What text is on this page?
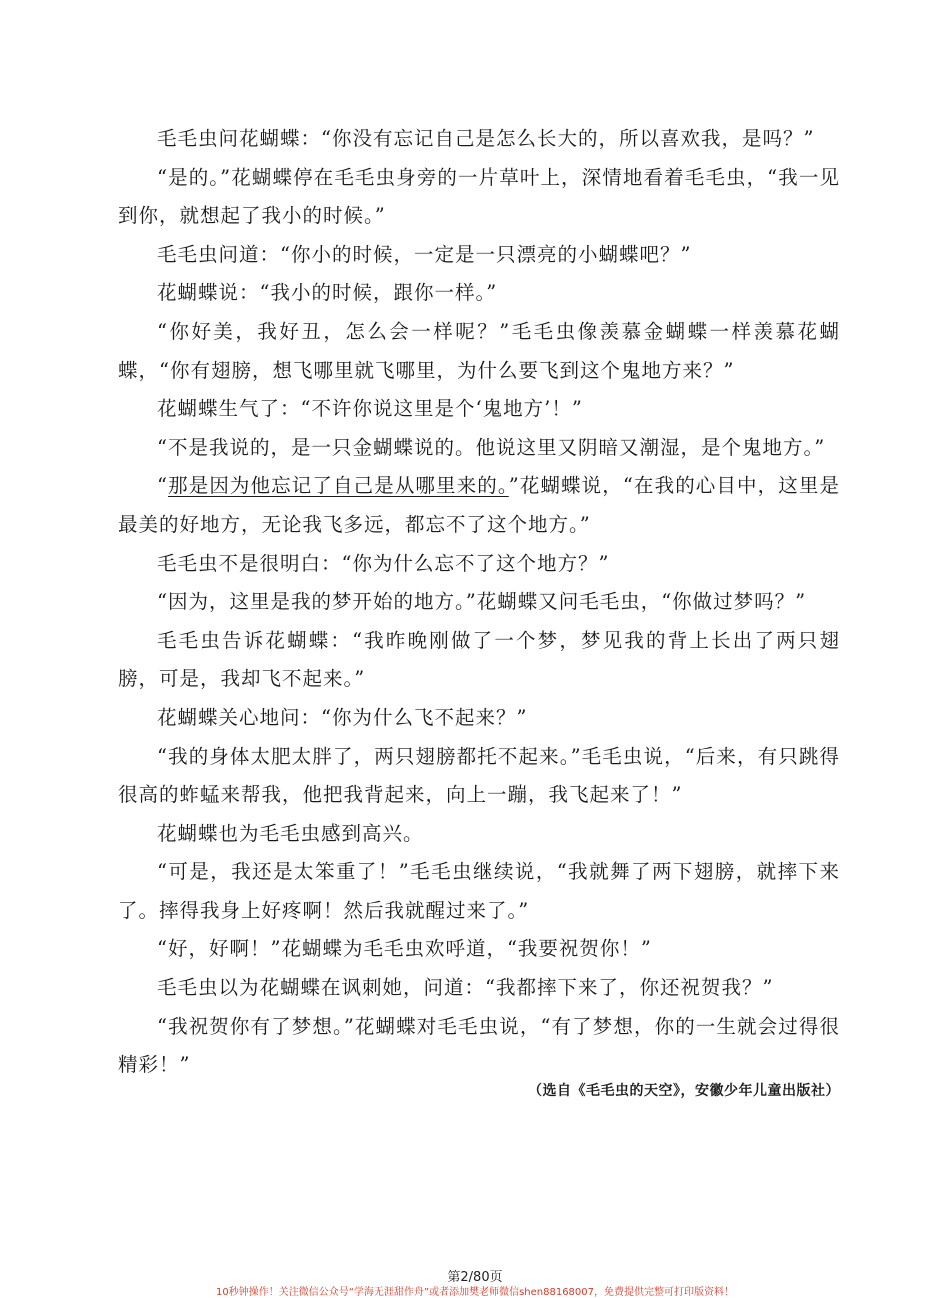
毛毛虫问花蝴蝶：“你没有忘记自己是怎么长大的，所以喜欢我，是吗？”

“是的。”花蝴蝶停在毛毛虫身旁的一片草叶上，深情地看着毛毛虫，“我一见到你，就想起了我小的时候。”

毛毛虫问道：“你小的时候，一定是一只漂亮的小蝴蝶吧？”

花蝴蝶说：“我小的时候，跟你一样。”

“你好美，我好丑，怎么会一样呢？”毛毛虫像羡慕金蝴蝶一样羡慕花蝴蝶，“你有翅膀，想飞哪里就飞哪里，为什么要飞到这个鬼地方来？”

花蝴蝶生气了：“不许你说这里是个‘鬼地方’！”

“不是我说的，是一只金蝴蝶说的。他说这里又阴暗又潮湿，是个鬼地方。”

“那是因为他忘记了自己是从哪里来的。”花蝴蝶说，“在我的心目中，这里是最美的好地方，无论我飞多远，都忘不了这个地方。”

毛毛虫不是很明白：“你为什么忘不了这个地方？”

“因为，这里是我的梦开始的地方。”花蝴蝶又问毛毛虫，“你做过梦吗？”

毛毛虫告诉花蝴蝶：“我昨晚刚做了一个梦，梦见我的背上长出了两只翅膀，可是，我却飞不起来。”

花蝴蝶关心地问：“你为什么飞不起来？”

“我的身体太肥太胖了，两只翅膀都托不起来。”毛毛虫说，“后来，有只跳得很高的蚱蜢来帮我，他把我背起来，向上一蹦，我飞起来了！”

花蝴蝶也为毛毛虫感到高兴。

“可是，我还是太笨重了！”毛毛虫继续说，“我就舞了两下翅膀，就摔下来了。摔得我身上好疼啊！然后我就醒过来了。”

“好，好啊！”花蝴蝶为毛毛虫欢呼道，“我要祝贺你！”

毛毛虫以为花蝴蝶在讽刺她，问道：“我都摔下来了，你还祝贺我？”

“我祝贺你有了梦想。”花蝴蝶对毛毛虫说，“有了梦想，你的一生就会过得很精彩！”

（选自《毛毛虫的天空》，安徽少年儿童出版社）
第2/80页
10秒钟操作！关注微信公众号“学海无涯甜作舟”或者添加樊老师微信shen88168007，免费提供完整可打印版资料！
